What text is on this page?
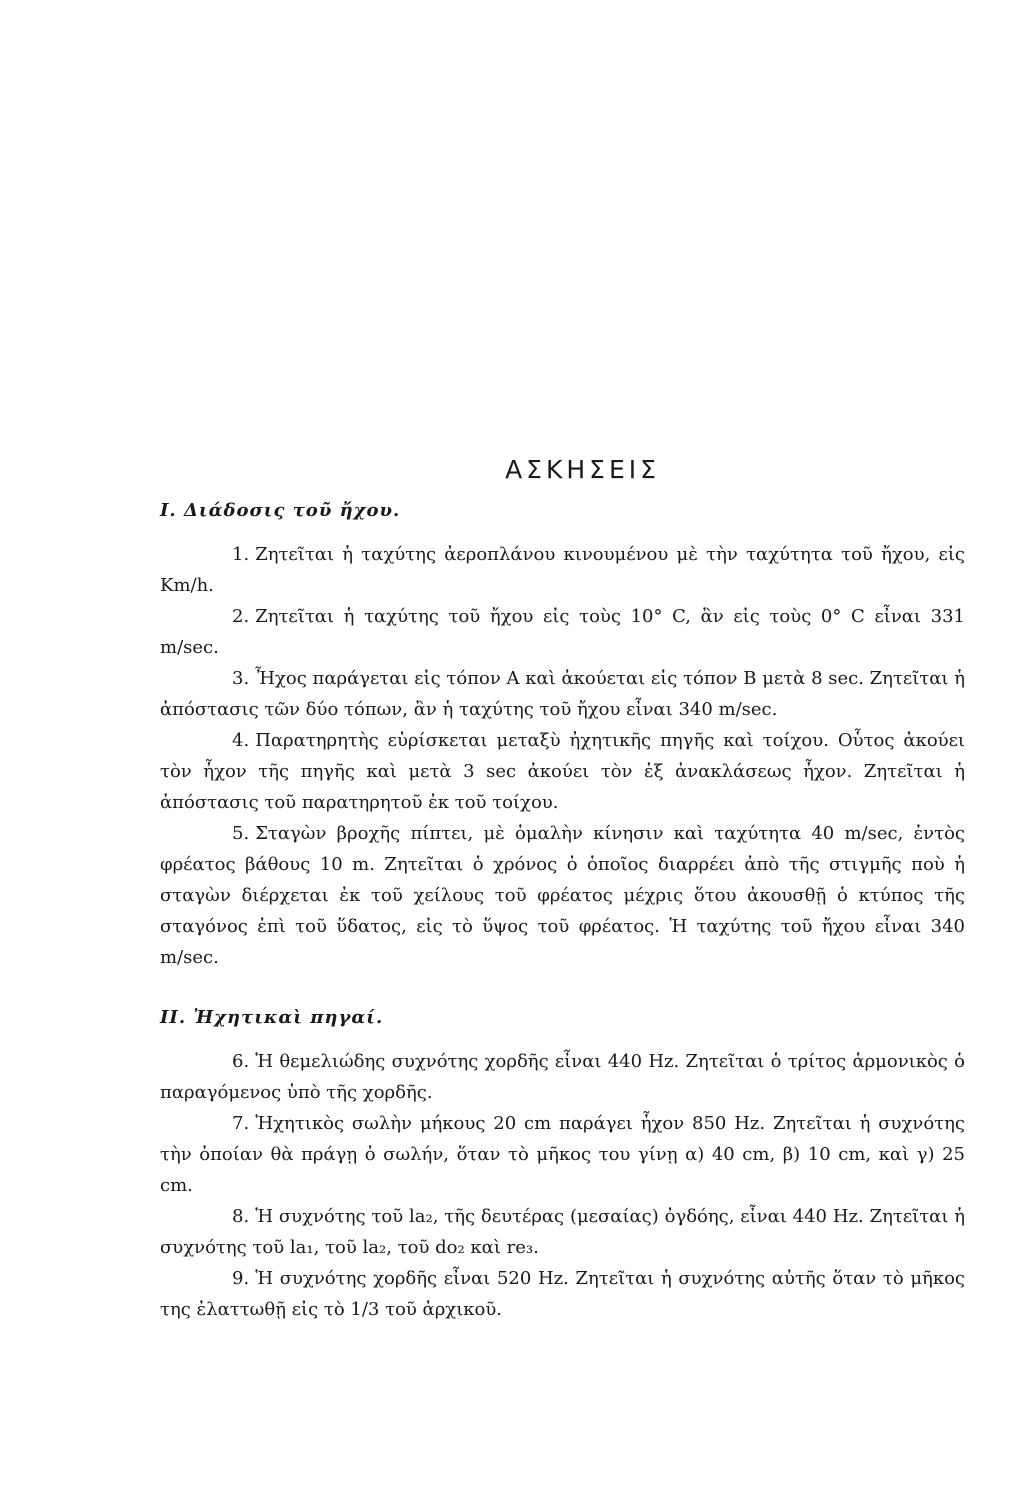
ΑΣΚΗΣΕΙΣ
Ι. Διάδοσις τοῦ ἤχου.

1. Ζητεῖται ἡ ταχύτης ἀεροπλάνου κινουμένου μὲ τὴν ταχύτητα τοῦ ἤχου, εἰς Km/h.

2. Ζητεῖται ἡ ταχύτης τοῦ ἤχου εἰς τοὺς 10° C, ἂν εἰς τοὺς 0° C εἶναι 331 m/sec.

3. Ἦχος παράγεται εἰς τόπον Α καὶ ἀκούεται εἰς τόπον Β μετὰ 8 sec. Ζητεῖται ἡ ἀπόστασις τῶν δύο τόπων, ἂν ἡ ταχύτης τοῦ ἤχου εἶναι 340 m/sec.

4. Παρατηρητὴς εὑρίσκεται μεταξὺ ἠχητικῆς πηγῆς καὶ τοίχου. Οὗτος ἀκούει τὸν ἦχον τῆς πηγῆς καὶ μετὰ 3 sec ἀκούει τὸν ἐξ ἀνακλάσεως ἦχον. Ζητεῖται ἡ ἀπόστασις τοῦ παρατηρητοῦ ἐκ τοῦ τοίχου.

5. Σταγὼν βροχῆς πίπτει, μὲ ὁμαλὴν κίνησιν καὶ ταχύτητα 40 m/sec, ἐντὸς φρέατος βάθους 10 m. Ζητεῖται ὁ χρόνος ὁ ὁποῖος διαρρέει ἀπὸ τῆς στιγμῆς ποὺ ἡ σταγὼν διέρχεται ἐκ τοῦ χείλους τοῦ φρέατος μέχρις ὅτου ἀκουσθῇ ὁ κτύπος τῆς σταγόνος ἐπὶ τοῦ ὕδατος, εἰς τὸ ὕψος τοῦ φρέατος. Ἡ ταχύτης τοῦ ἤχου εἶναι 340 m/sec.

ΙΙ. Ἠχητικαὶ πηγαί.

6. Ἡ θεμελιώδης συχνότης χορδῆς εἶναι 440 Hz. Ζητεῖται ὁ τρίτος ἁρμονικὸς ὁ παραγόμενος ὑπὸ τῆς χορδῆς.

7. Ἠχητικὸς σωλὴν μήκους 20 cm παράγει ἦχον 850 Hz. Ζητεῖται ἡ συχνότης τὴν ὁποίαν θὰ πράγῃ ὁ σωλήν, ὅταν τὸ μῆκος του γίνῃ α) 40 cm, β) 10 cm, καὶ γ) 25 cm.

8. Ἡ συχνότης τοῦ la₂, τῆς δευτέρας (μεσαίας) ὀγδόης, εἶναι 440 Hz. Ζητεῖται ἡ συχνότης τοῦ la₁, τοῦ la₂, τοῦ do₂ καὶ re₃.

9. Ἡ συχνότης χορδῆς εἶναι 520 Hz. Ζητεῖται ἡ συχνότης αὐτῆς ὅταν τὸ μῆκος της ἐλαττωθῇ εἰς τὸ 1/3 τοῦ ἀρχικοῦ.
